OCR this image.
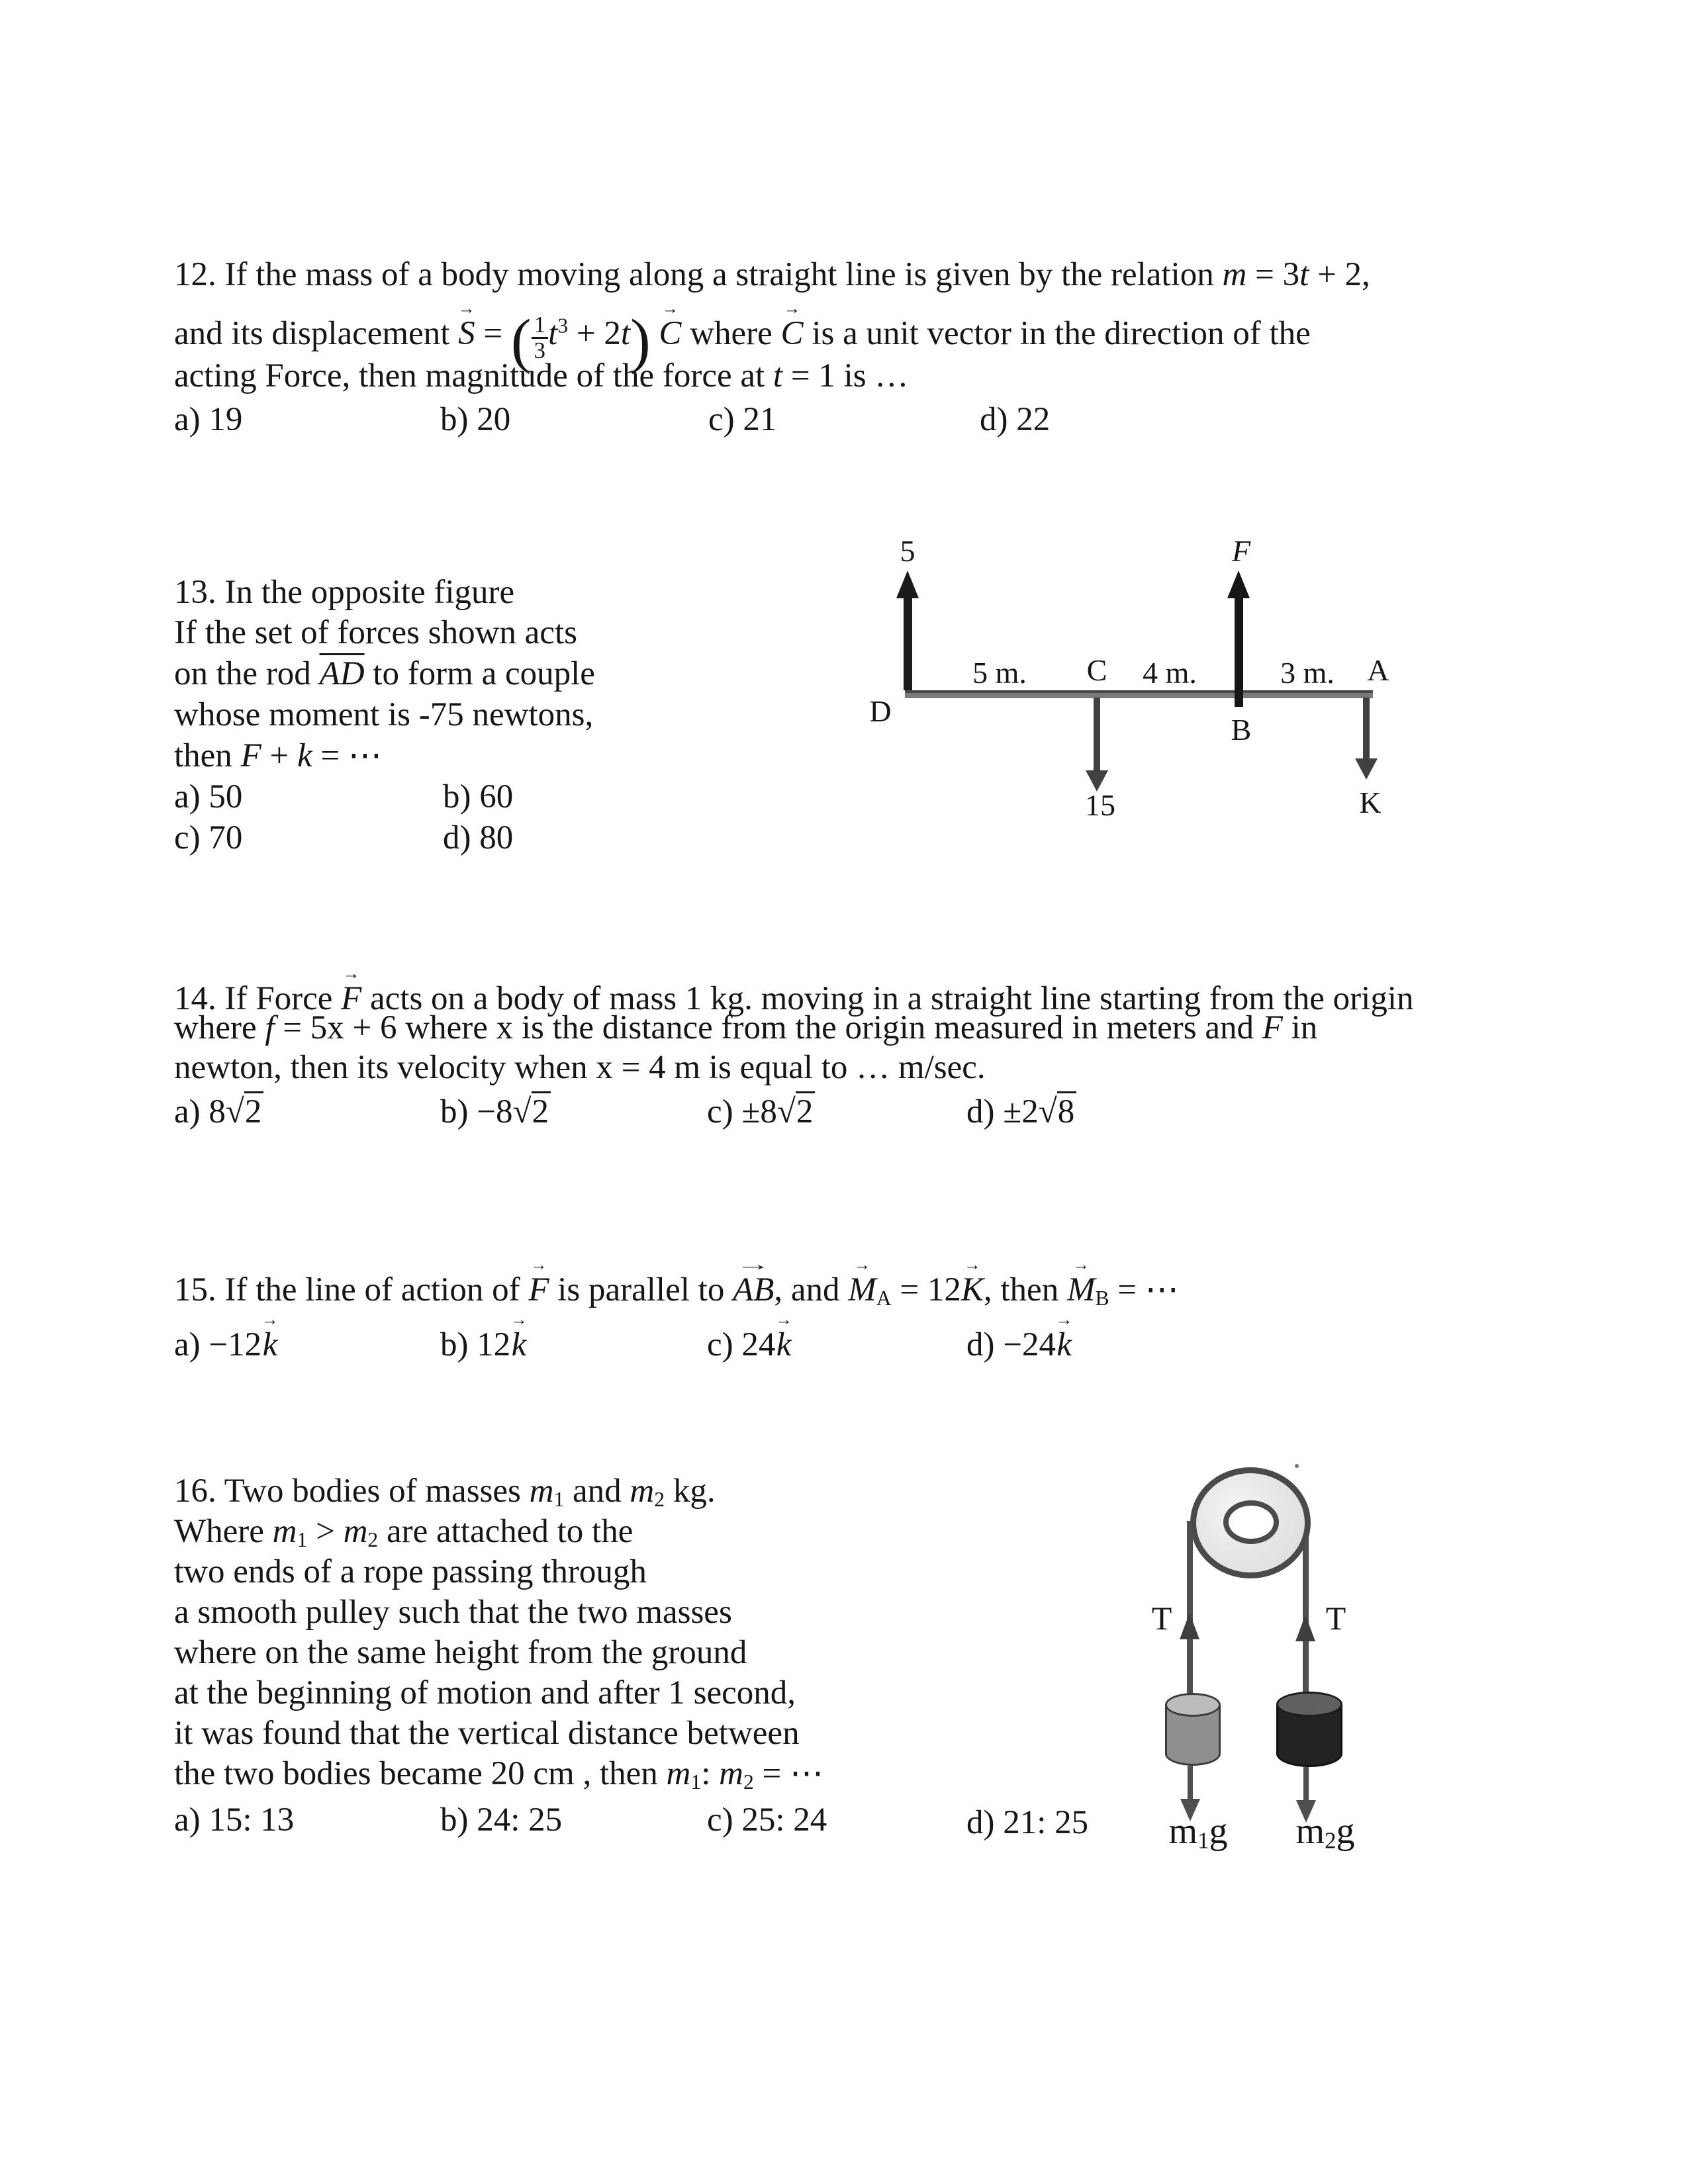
12. If the mass of a body moving along a straight line is given by the relation m = 3t + 2,
and its displacement
→
S = ( $\frac{1}{3} t^3 + 2t$) →
C where
→
C is a unit vector in the direction of the
acting Force, then magnitude of the force at t = 1 is …
a) 19	b) 20	c) 21	d) 22
13. In the opposite figure
If the set of forces shown acts
on the rod $\overline{AD}$ to form a couple
whose moment is -75 newtons,
then F + k = ⋯
a) 50	b) 60
c) 70	d) 80
5	F
15	K
D
5 m.	C	4 m.
B
3 m.	A
14. If Force
→
F acts on a body of mass 1 kg. moving in a straight line starting from the origin
where f = 5x + 6 where x is the distance from the origin measured in meters and F in
newton, then its velocity when x = 4 m is equal to … m/sec.
a) 8√2	b) −8√2	c) ±8√2	d) ±2√8
15. If the line of action of
→
F is parallel to
→
AB, and
→
$M_A = 12$
→
K, then
→
$M_B$ = ⋯
a) −12
→
k	b) 12
→
k	c) 24
→
k	d) −24
→
k
16. Two bodies of masses $m_1$ and $m_2$ kg.
Where $m_1 > m_2$ are attached to the
two ends of a rope passing through
a smooth pulley such that the two masses
where on the same height from the ground
at the beginning of motion and after 1 second,
it was found that the vertical distance between
the two bodies became 20 cm , then $m_1$: $m_2$ = ⋯
a) 15: 13	b) 24: 25	c) 25: 24	d) 21: 25
T	T
$m_1g$ $m_2g$
